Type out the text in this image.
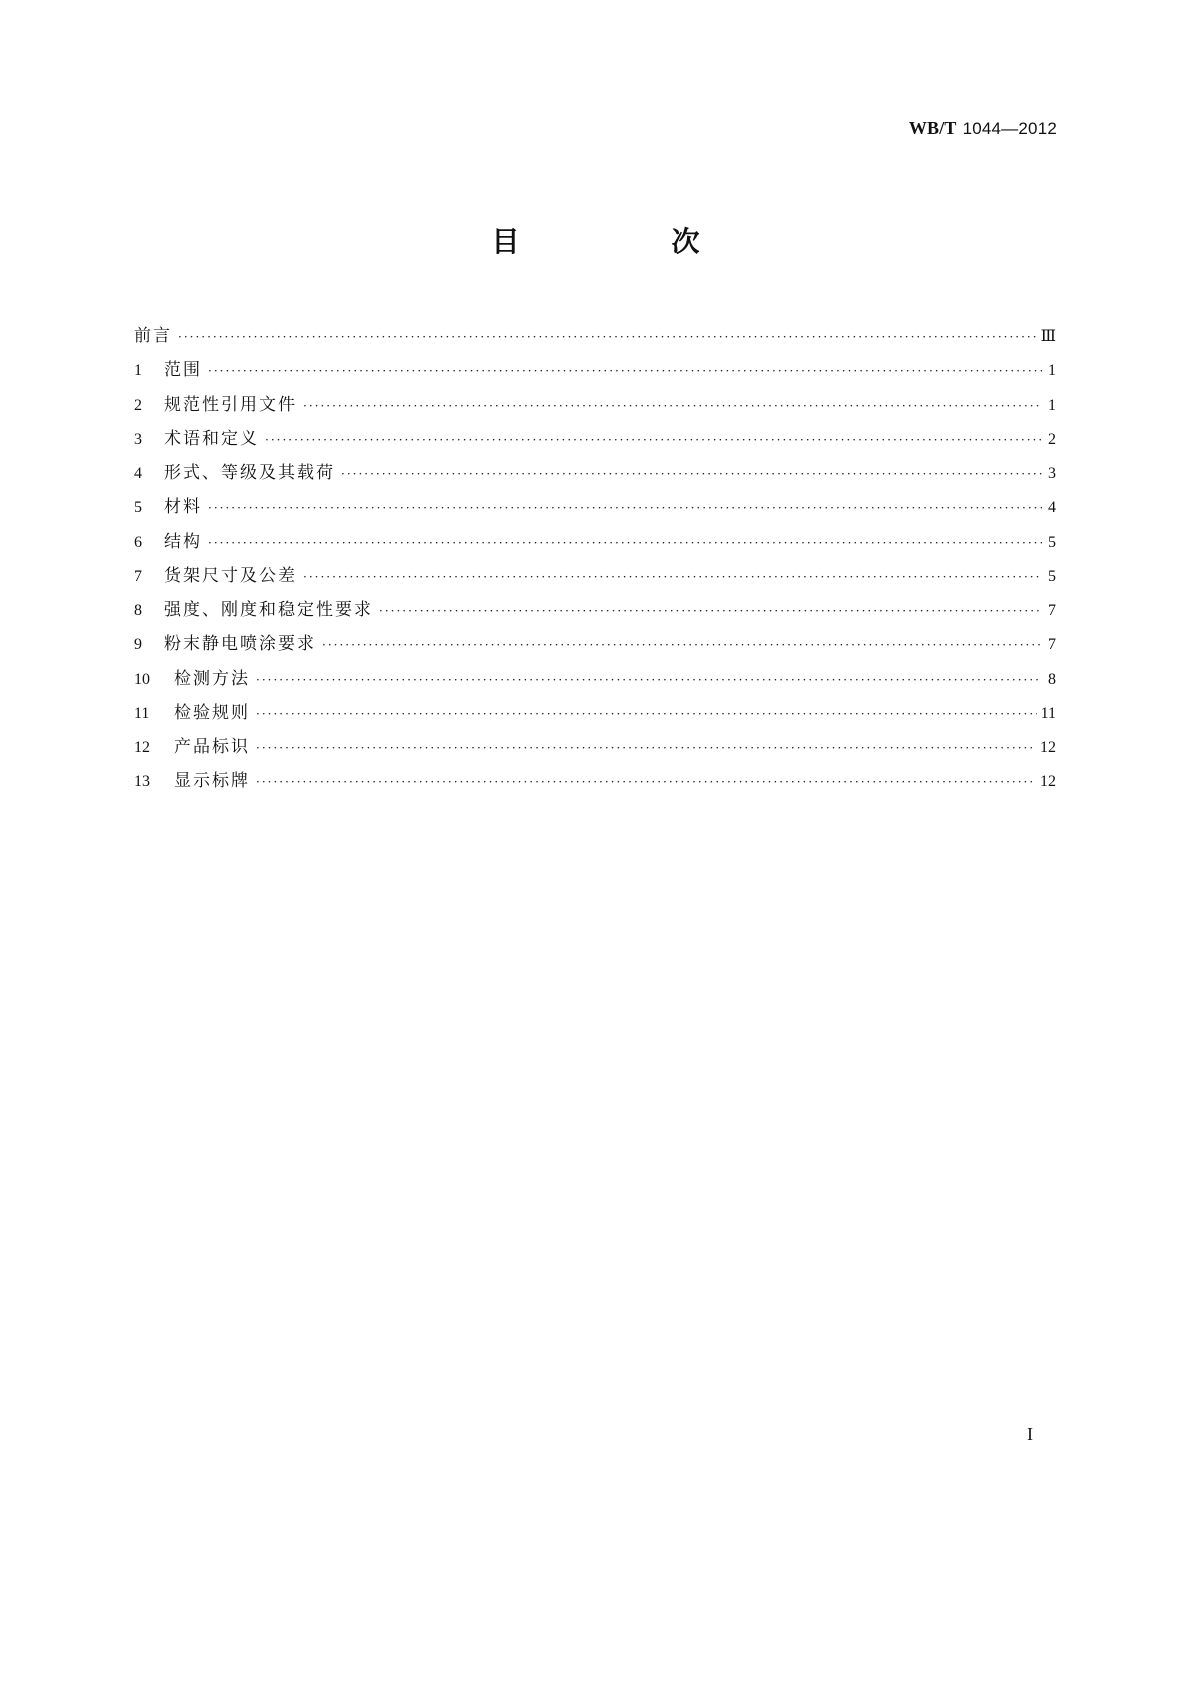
WB/T 1044—2012
目　次
前言 ·····	Ⅲ
1	范围 ·····	1
2	规范性引用文件 ·····	1
3	术语和定义 ·····	2
4	形式、等级及其载荷 ·····	3
5	材料 ·····	4
6	结构 ·····	5
7	货架尺寸及公差 ·····	5
8	强度、刚度和稳定性要求 ·····	7
9	粉末静电喷涂要求 ·····	7
10	检测方法 ·····	8
11	检验规则 ·····	11
12	产品标识 ·····	12
13	显示标牌 ·····	12
I
